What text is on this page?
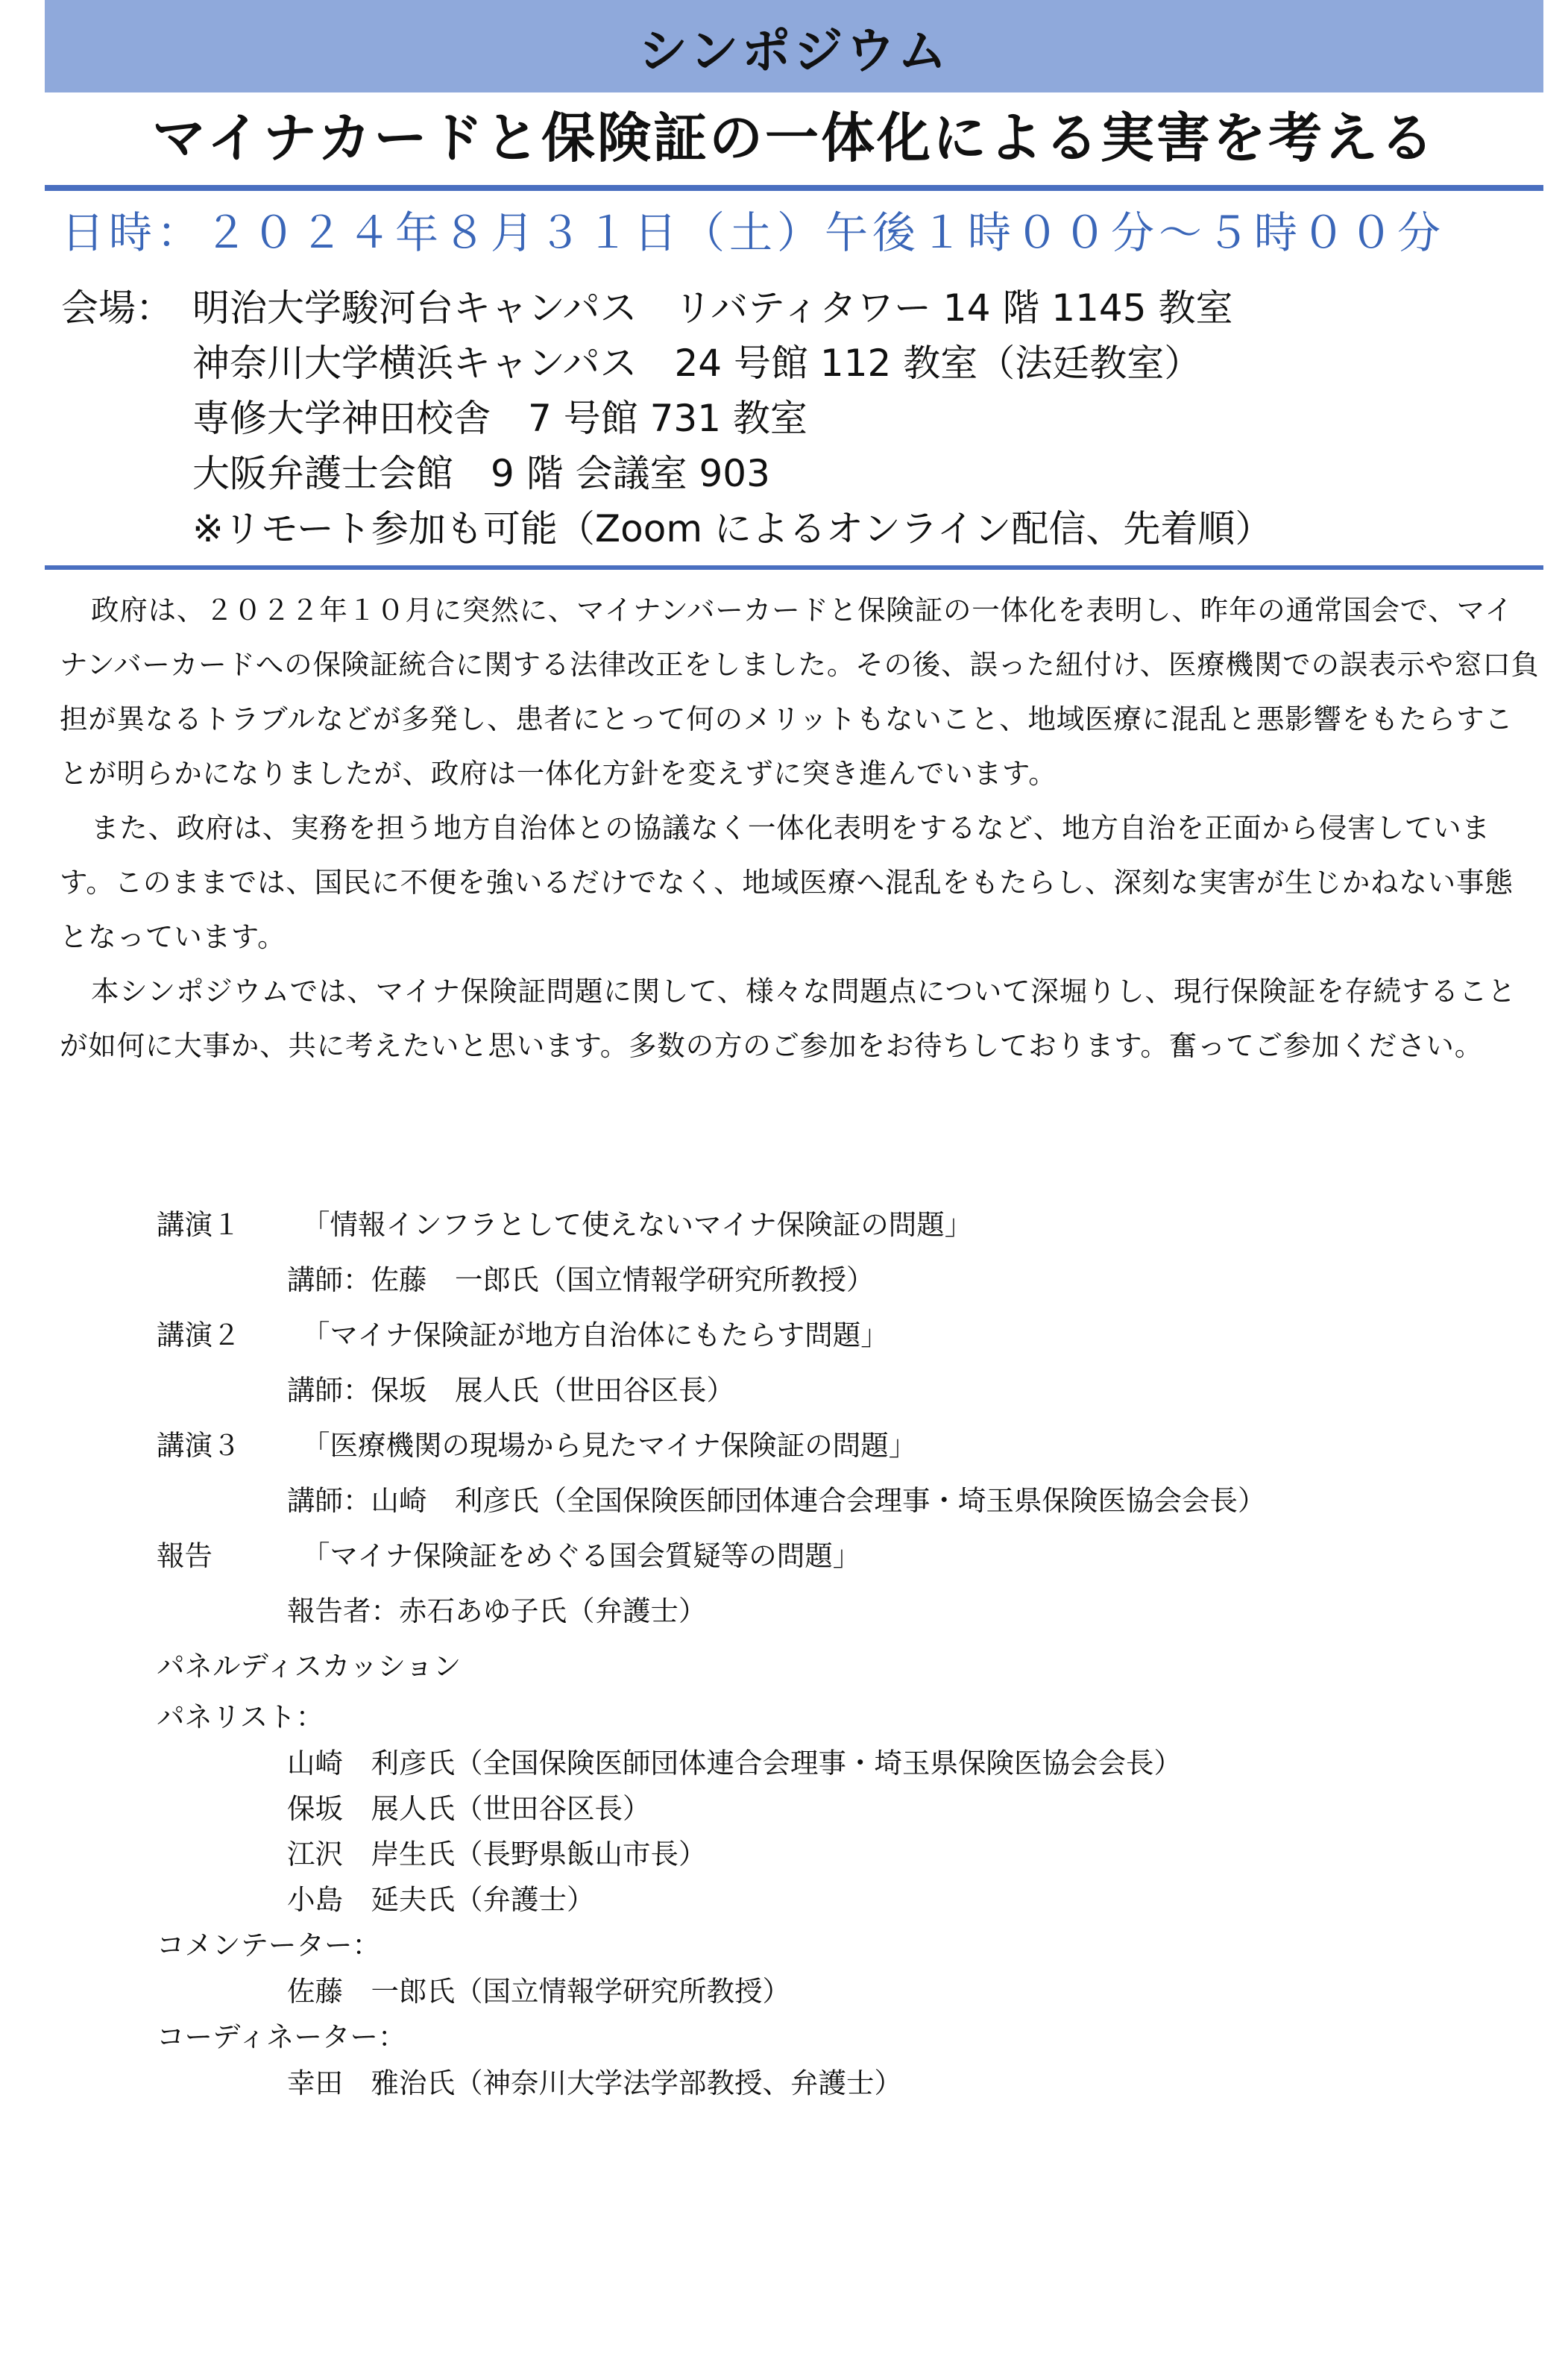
シンポジウム
マイナカードと保険証の一体化による実害を考える
日時：２０２４年８月３１日（土）午後１時００分～５時００分
会場： 明治大学駿河台キャンパス　リバティタワー 14 階 1145 教室
神奈川大学横浜キャンパス　24 号館 112 教室（法廷教室）
専修大学神田校舎　7 号館 731 教室
大阪弁護士会館　9 階 会議室 903
※リモート参加も可能（Zoom によるオンライン配信、先着順）

政府は、２０２２年１０月に突然に、マイナンバーカードと保険証の一体化を表明し、昨年の通常国会で、マイナンバーカードへの保険証統合に関する法律改正をしました。その後、誤った紐付け、医療機関での誤表示や窓口負担が異なるトラブルなどが多発し、患者にとって何のメリットもないこと、地域医療に混乱と悪影響をもたらすことが明らかになりましたが、政府は一体化方針を変えずに突き進んでいます。

また、政府は、実務を担う地方自治体との協議なく一体化表明をするなど、地方自治を正面から侵害しています。このままでは、国民に不便を強いるだけでなく、地域医療へ混乱をもたらし、深刻な実害が生じかねない事態となっています。

本シンポジウムでは、マイナ保険証問題に関して、様々な問題点について深堀りし、現行保険証を存続することが如何に大事か、共に考えたいと思います。多数の方のご参加をお待ちしております。奮ってご参加ください。

講演１	「情報インフラとして使えないマイナ保険証の問題」
講師：佐藤　一郎氏（国立情報学研究所教授）
講演２	「マイナ保険証が地方自治体にもたらす問題」
講師：保坂　展人氏（世田谷区長）
講演３	「医療機関の現場から見たマイナ保険証の問題」
講師：山崎　利彦氏（全国保険医師団体連合会理事・埼玉県保険医協会会長）
報告	「マイナ保険証をめぐる国会質疑等の問題」
報告者：赤石あゆ子氏（弁護士）
パネルディスカッション
パネリスト：
山崎　利彦氏（全国保険医師団体連合会理事・埼玉県保険医協会会長）
保坂　展人氏（世田谷区長）
江沢　岸生氏（長野県飯山市長）
小島　延夫氏（弁護士）
コメンテーター：
佐藤　一郎氏（国立情報学研究所教授）
コーディネーター：
幸田　雅治氏（神奈川大学法学部教授、弁護士）
